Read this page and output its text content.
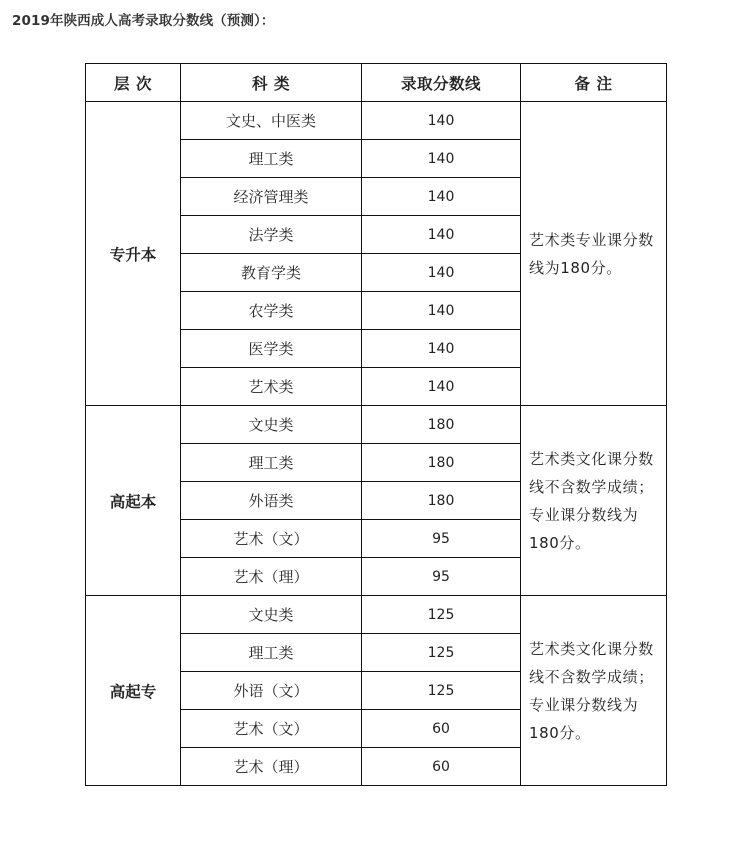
2019年陕西成人高考录取分数线（预测）：
层 次	科 类	录取分数线	备 注
专升本	文史、中医类	140	艺术类专业课分数线为180分。
	理工类	140	
	经济管理类	140	
	法学类	140	
	教育学类	140	
	农学类	140	
	医学类	140	
	艺术类	140	
高起本	文史类	180	艺术类文化课分数线不含数学成绩；专业课分数线为180分。
	理工类	180	
	外语类	180	
	艺术（文）	95	
	艺术（理）	95	
高起专	文史类	125	艺术类文化课分数线不含数学成绩；专业课分数线为180分。
	理工类	125	
	外语（文）	125	
	艺术（文）	60	
	艺术（理）	60	
